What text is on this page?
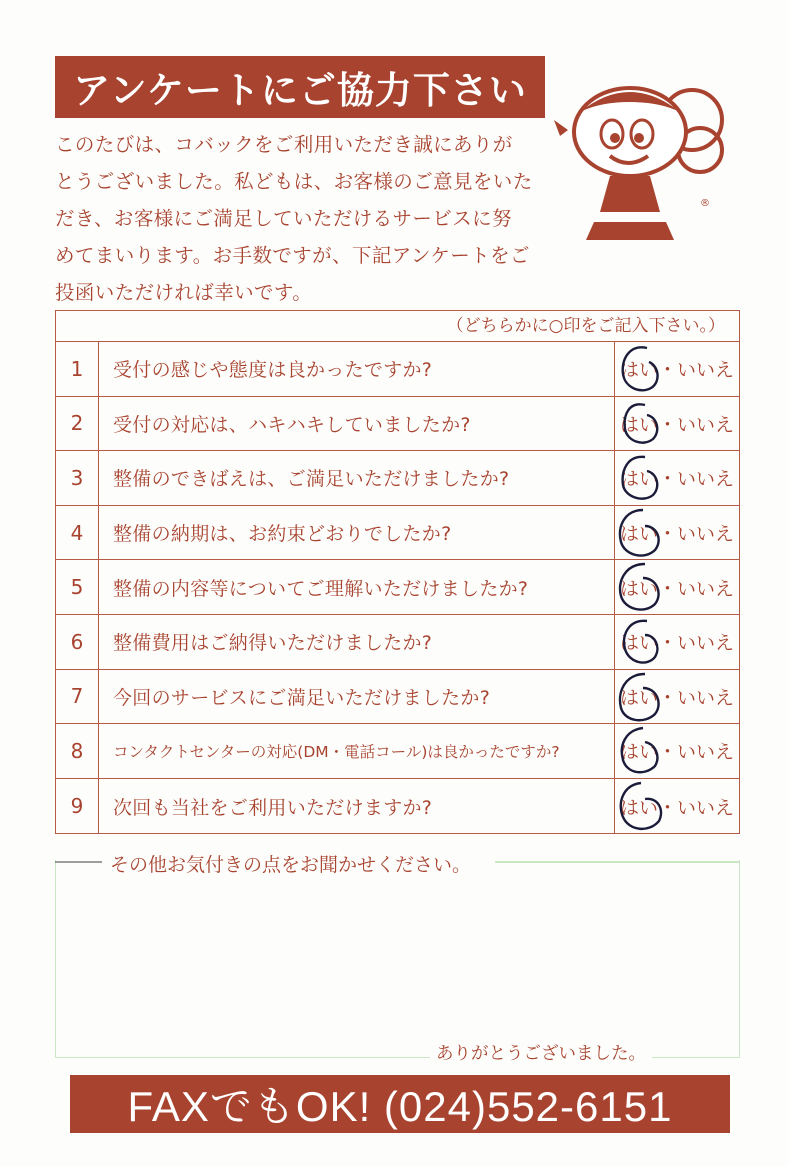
アンケートにご協力下さい
®
このたびは、コバックをご利用いただき誠にありが
とうございました。私どもは、お客様のご意見をいた
だき、お客様にご満足していただけるサービスに努
めてまいります。お手数ですが、下記アンケートをご
投函いただければ幸いです。
（どちらかに○印をご記入下さい。）
1	受付の感じや態度は良かったですか?	はい・いいえ
2	受付の対応は、ハキハキしていましたか?	はい・いいえ
3	整備のできばえは、ご満足いただけましたか?	はい・いいえ
4	整備の納期は、お約束どおりでしたか?	はい・いいえ
5	整備の内容等についてご理解いただけましたか?	はい・いいえ
6	整備費用はご納得いただけましたか?	はい・いいえ
7	今回のサービスにご満足いただけましたか?	はい・いいえ
8	コンタクトセンターの対応(DM・電話コール)は良かったですか?	はい・いいえ
9	次回も当社をご利用いただけますか?	はい・いいえ
その他お気付きの点をお聞かせください。
ありがとうございました。
FAXでもOK! (024)552-6151
